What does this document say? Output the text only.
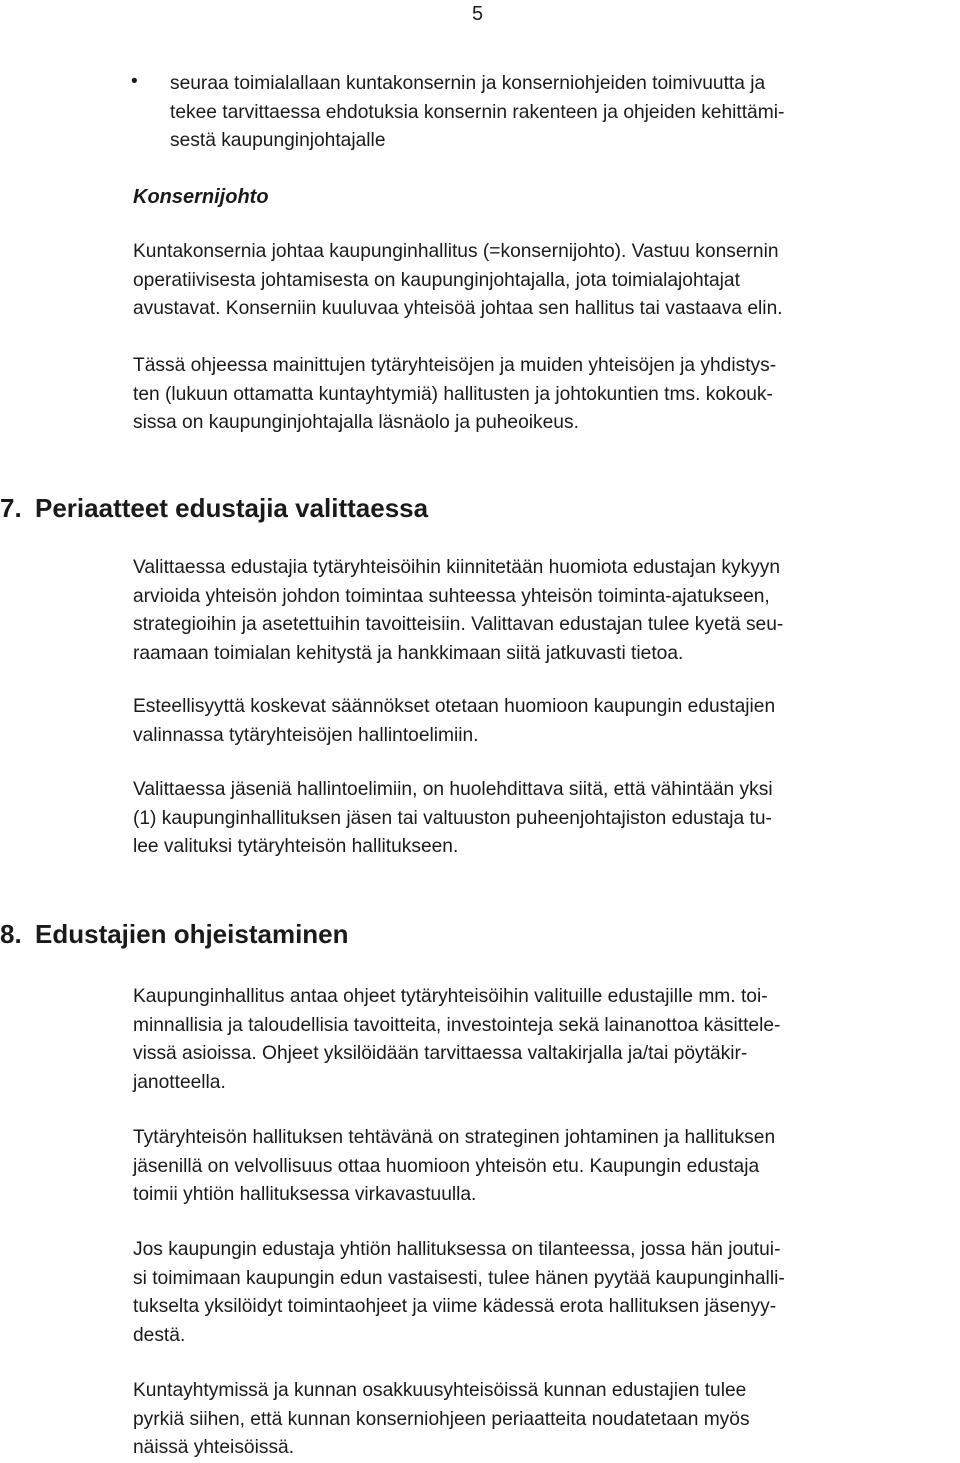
5
• seuraa toimialallaan kuntakonsernin ja konserniohjeiden toimivuutta ja
tekee tarvittaessa ehdotuksia konsernin rakenteen ja ohjeiden kehittämi-
sestä kaupunginjohtajalle

Konsernijohto

Kuntakonsernia johtaa kaupunginhallitus (=konsernijohto). Vastuu konsernin
operatiivisesta johtamisesta on kaupunginjohtajalla, jota toimialajohtajat
avustavat. Konserniin kuuluvaa yhteisöä johtaa sen hallitus tai vastaava elin.
Tässä ohjeessa mainittujen tytäryhteisöjen ja muiden yhteisöjen ja yhdistys-
ten (lukuun ottamatta kuntayhtymiä) hallitusten ja johtokuntien tms. kokouk-
sissa on kaupunginjohtajalla läsnäolo ja puheoikeus.
7. Periaatteet edustajia valittaessa
Valittaessa edustajia tytäryhteisöihin kiinnitetään huomiota edustajan kykyyn
arvioida yhteisön johdon toimintaa suhteessa yhteisön toiminta-ajatukseen,
strategioihin ja asetettuihin tavoitteisiin. Valittavan edustajan tulee kyetä seu-
raamaan toimialan kehitystä ja hankkimaan siitä jatkuvasti tietoa.
Esteellisyyttä koskevat säännökset otetaan huomioon kaupungin edustajien
valinnassa tytäryhteisöjen hallintoelimiin.
Valittaessa jäseniä hallintoelimiin, on huolehdittava siitä, että vähintään yksi
(1) kaupunginhallituksen jäsen tai valtuuston puheenjohtajiston edustaja tu-
lee valituksi tytäryhteisön hallitukseen.
8. Edustajien ohjeistaminen
Kaupunginhallitus antaa ohjeet tytäryhteisöihin valituille edustajille mm. toi-
minnallisia ja taloudellisia tavoitteita, investointeja sekä lainanottoa käsittele-
vissä asioissa. Ohjeet yksilöidään tarvittaessa valtakirjalla ja/tai pöytäkir-
janotteella.
Tytäryhteisön hallituksen tehtävänä on strateginen johtaminen ja hallituksen
jäsenillä on velvollisuus ottaa huomioon yhteisön etu. Kaupungin edustaja
toimii yhtiön hallituksessa virkavastuulla.
Jos kaupungin edustaja yhtiön hallituksessa on tilanteessa, jossa hän joutui-
si toimimaan kaupungin edun vastaisesti, tulee hänen pyytää kaupunginhalli-
tukselta yksilöidyt toimintaohjeet ja viime kädessä erota hallituksen jäsenyy-
destä.
Kuntayhtymissä ja kunnan osakkuusyhteisöissä kunnan edustajien tulee
pyrkiä siihen, että kunnan konserniohjeen periaatteita noudatetaan myös
näissä yhteisöissä.
